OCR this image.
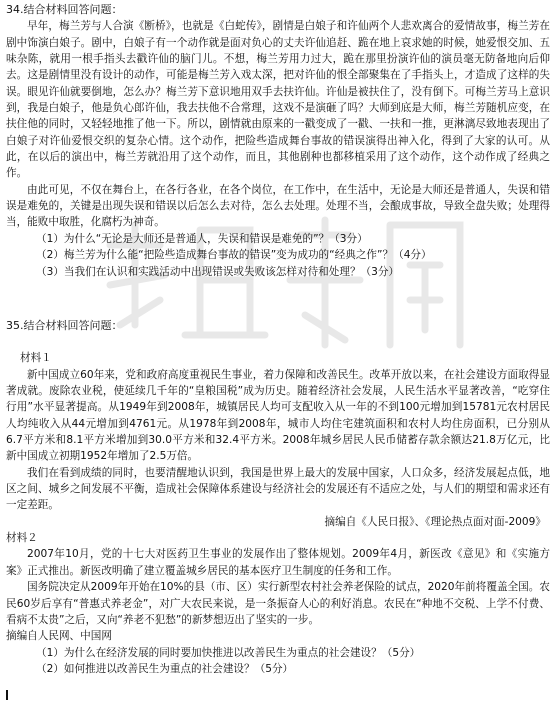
34.结合材料回答问题：

早年，梅兰芳与人合演《断桥》，也就是《白蛇传》，剧情是白娘子和许仙两个人悲欢离合的爱情故事，梅兰芳在剧中饰演白娘子。剧中，白娘子有一个动作就是面对负心的丈夫许仙追赶、跪在地上哀求她的时候，她爱恨交加、五味杂陈，就用一根手指头去戳许仙的脑门儿。不想，梅兰芳用力过大，跪在那里扮演许仙的演员毫无防备地向后仰去。这是剧情里没有设计的动作，可能是梅兰芳入戏太深，把对许仙的恨全部聚集在了手指头上，才造成了这样的失误。眼见许仙就要倒地，怎么办？梅兰芳下意识地用双手去扶许仙。许仙是被扶住了，没有倒下。可梅兰芳马上意识到，我是白娘子，他是负心郎许仙，我去扶他不合常理，这戏不是演砸了吗？大师到底是大师，梅兰芳随机应变，在扶住他的同时，又轻轻地推了他一下。所以，剧情就由原来的一戳变成了一戳、一扶和一推，更淋漓尽致地表现出了白娘子对许仙爱恨交织的复杂心情。这个动作，把险些造成舞台事故的错误演得出神入化，得到了大家的认可。从此，在以后的演出中，梅兰芳就沿用了这个动作，而且，其他剧种也都移植采用了这个动作，这个动作成了经典之作。

由此可见，不仅在舞台上，在各行各业，在各个岗位，在工作中，在生活中，无论是大师还是普通人，失误和错误是难免的，关键是出现失误和错误以后怎么去对待，怎么去处理。处理不当，会酿成事故，导致全盘失败；处理得当，能败中取胜，化腐朽为神奇。

（1）为什么“无论是大师还是普通人，失误和错误是难免的”？（3分）

（2）梅兰芳为什么能“把险些造成舞台事故的错误”变为成功的“经典之作”？（4分）

（3）当我们在认识和实践活动中出现错误或失败该怎样对待和处理？（3分）

35.结合材料回答问题：

材料１

新中国成立60年来，党和政府高度重视民生事业，着力保障和改善民生。改革开放以来，在社会建设方面取得显著成就。废除农业税，使延续几千年的“皇粮国税”成为历史。随着经济社会发展，人民生活水平显著改善，“吃穿住行用”水平显著提高。从1949年到2008年，城镇居民人均可支配收入从一年的不到100元增加到15781元农村居民人均纯收入从44元增加到4761元。从1978年到2008年，城市人均住宅建筑面积和农村人均住房面积，已分别从6.7平方米和8.1平方米增加到30.0平方米和32.4平方米。2008年城乡居民人民币储蓄存款余额达21.8万亿元，比新中国成立初期1952年增加了2.5万倍。

我们在看到成绩的同时，也要清醒地认识到，我国是世界上最大的发展中国家，人口众多，经济发展起点低，地区之间、城乡之间发展不平衡，造成社会保障体系建设与经济社会的发展还有不适应之处，与人们的期望和需求还有一定差距。

摘编自《人民日报》、《理论热点面对面-2009》

材料２

2007年10月，党的十七大对医药卫生事业的发展作出了整体规划。2009年4月，新医改《意见》和《实施方案》正式推出。新医改明确了建立覆盖城乡居民的基本医疗卫生制度的任务和工作。

国务院决定从2009年开始在10%的县（市、区）实行新型农村社会养老保险的试点，2020年前将覆盖全国。农民60岁后享有“普惠式养老金”，对广大农民来说，是一条振奋人心的利好消息。农民在“种地不交税、上学不付费、看病不太贵”之后，又向“养老不犯愁”的新梦想迈出了坚实的一步。

摘编自人民网、中国网

（1）为什么在经济发展的同时要加快推进以改善民生为重点的社会建设？（5分）

（2）如何推进以改善民生为重点的社会建设？（5分）
